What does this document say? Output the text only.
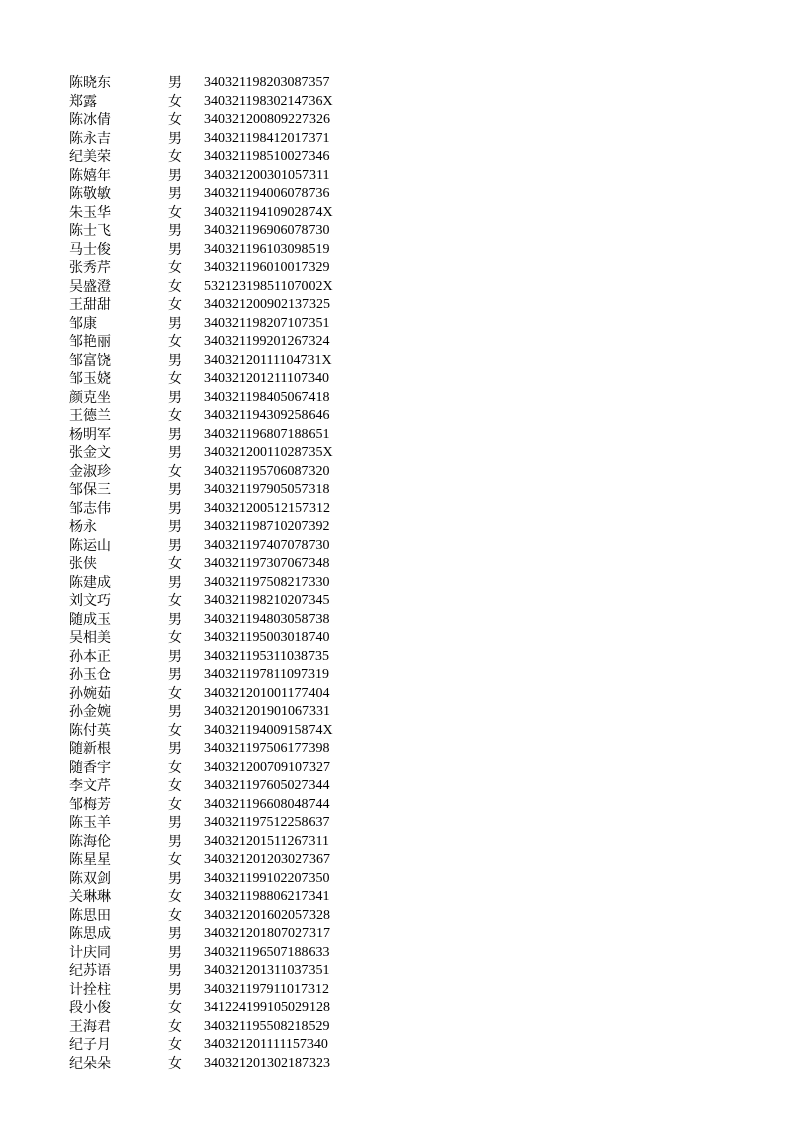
陈晓东	男	340321198203087357
郑露	女	34032119830214736X
陈冰倩	女	340321200809227326
陈永吉	男	340321198412017371
纪美荣	女	340321198510027346
陈嬉年	男	340321200301057311
陈敬敏	男	340321194006078736
朱玉华	女	34032119410902874X
陈士飞	男	340321196906078730
马士俊	男	340321196103098519
张秀芹	女	340321196010017329
吴盛澄	女	53212319851107002X
王甜甜	女	340321200902137325
邹康	男	340321198207107351
邹艳丽	女	340321199201267324
邹富饶	男	34032120111104731X
邹玉娆	女	340321201211107340
颜克坐	男	340321198405067418
王德兰	女	340321194309258646
杨明军	男	340321196807188651
张金文	男	34032120011028735X
金淑珍	女	340321195706087320
邹保三	男	340321197905057318
邹志伟	男	340321200512157312
杨永	男	340321198710207392
陈运山	男	340321197407078730
张侠	女	340321197307067348
陈建成	男	340321197508217330
刘文巧	女	340321198210207345
随成玉	男	340321194803058738
吴相美	女	340321195003018740
孙本正	男	340321195311038735
孙玉仓	男	340321197811097319
孙婉茹	女	340321201001177404
孙金婉	男	340321201901067331
陈付英	女	34032119400915874X
随新根	男	340321197506177398
随香宇	女	340321200709107327
李文芹	女	340321197605027344
邹梅芳	女	340321196608048744
陈玉羊	男	340321197512258637
陈海伦	男	340321201511267311
陈星星	女	340321201203027367
陈双剑	男	340321199102207350
关琳琳	女	340321198806217341
陈思田	女	340321201602057328
陈思成	男	340321201807027317
计庆同	男	340321196507188633
纪苏语	男	340321201311037351
计拴柱	男	340321197911017312
段小俊	女	341224199105029128
王海君	女	340321195508218529
纪子月	女	340321201111157340
纪朵朵	女	340321201302187323
